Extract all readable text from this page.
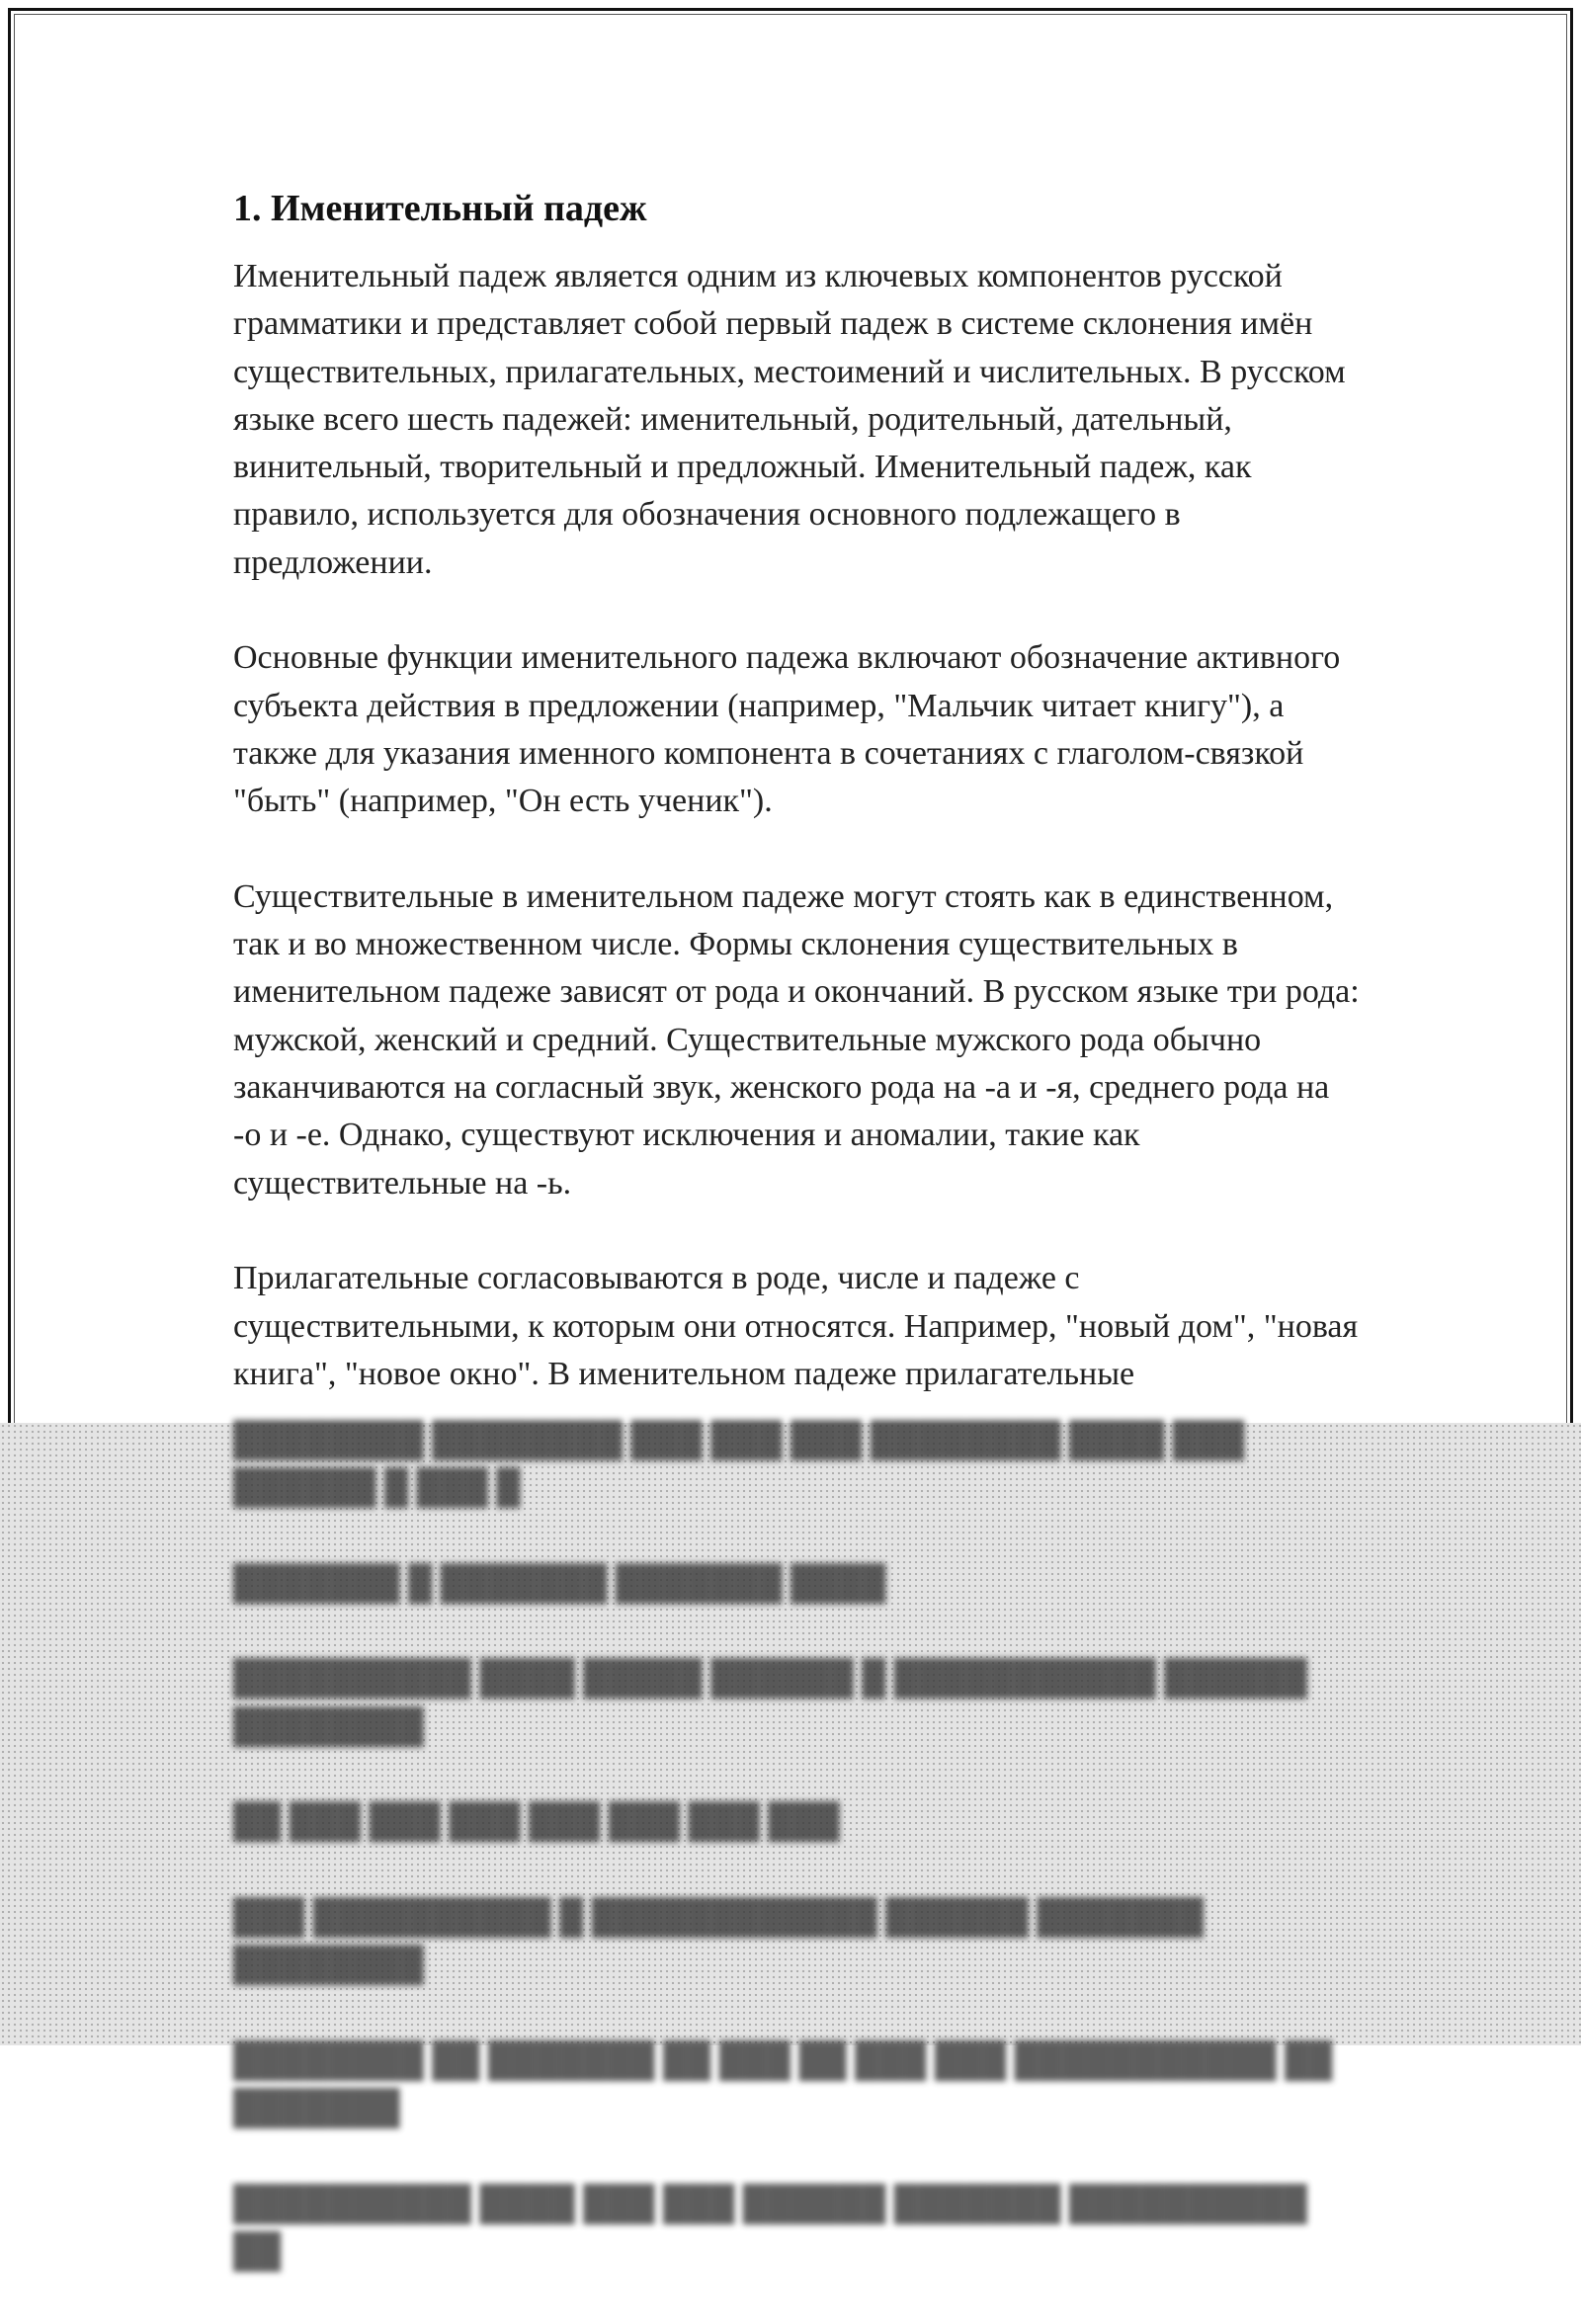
1. Именительный падеж

Именительный падеж является одним из ключевых компонентов русской грамматики и представляет собой первый падеж в системе склонения имён существительных, прилагательных, местоимений и числительных. В русском языке всего шесть падежей: именительный, родительный, дательный, винительный, творительный и предложный. Именительный падеж, как правило, используется для обозначения основного подлежащего в предложении.

Основные функции именительного падежа включают обозначение активного субъекта действия в предложении (например, "Мальчик читает книгу"), а также для указания именного компонента в сочетаниях с глаголом-связкой "быть" (например, "Он есть ученик").

Существительные в именительном падеже могут стоять как в единственном, так и во множественном числе. Формы склонения существительных в именительном падеже зависят от рода и окончаний. В русском языке три рода: мужской, женский и средний. Существительные мужского рода обычно заканчиваются на согласный звук, женского рода на -а и -я, среднего рода на -о и -е. Однако, существуют исключения и аномалии, такие как существительные на -ь.

Прилагательные согласовываются в роде, числе и падеже с существительными, к которым они относятся. Например, "новый дом", "новая книга", "новое окно". В именительном падеже прилагательные

████████ ████████ ███ ███ ███ ████████ ████ ███ ██████ █ ███ █

███████ █ ███████ ███████ ████

██████████ ████ █████ ██████ █ ███████████ ██████ ████████

██ ███ ███ ███ ███ ███ ███ ███

███ ██████████ █ ████████████ ██████ ███████ ████████

████████ ██ ███████ ██ ███ ██ ███ ███ ███████████ ██ ███████

██████████ ████ ███ ███ ██████ ███████ ██████████ ██
